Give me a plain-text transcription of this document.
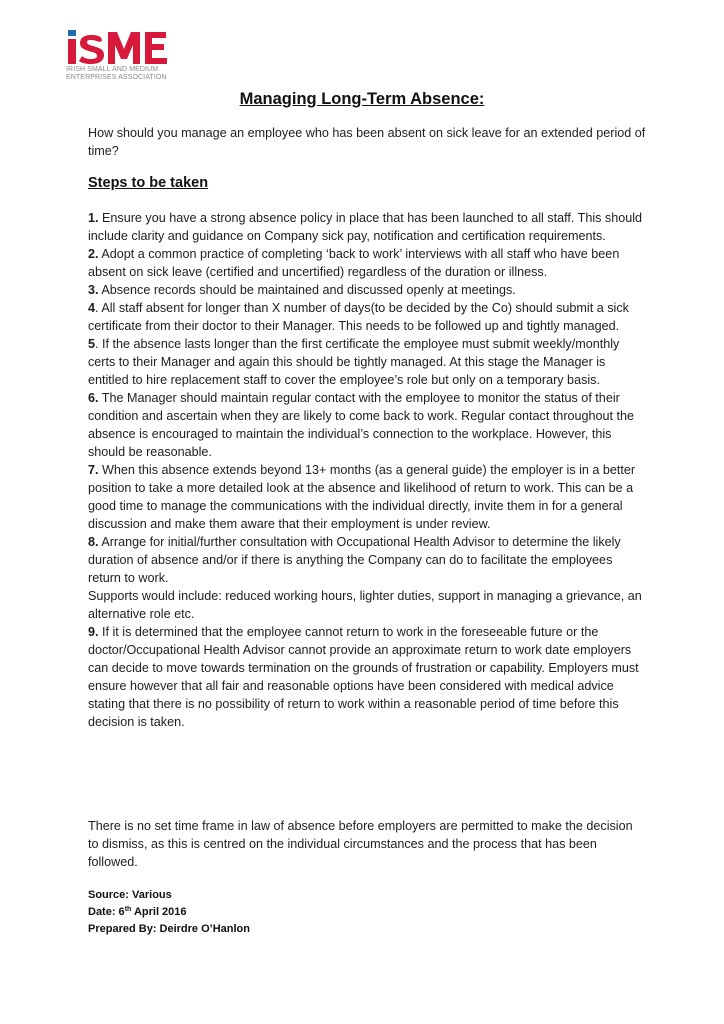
IRISH SMALL AND MEDIUM
ENTERPRISES ASSOCIATION
Managing Long-Term Absence:
How should you manage an employee who has been absent on sick leave for an extended period of time?
Steps to be taken

1. Ensure you have a strong absence policy in place that has been launched to all staff. This should include clarity and guidance on Company sick pay, notification and certification requirements.

2. Adopt a common practice of completing ‘back to work’ interviews with all staff who have been absent on sick leave (certified and uncertified) regardless of the duration or illness.

3. Absence records should be maintained and discussed openly at meetings.

4. All staff absent for longer than X number of days(to be decided by the Co) should submit a sick certificate from their doctor to their Manager. This needs to be followed up and tightly managed.

5. If the absence lasts longer than the first certificate the employee must submit weekly/monthly certs to their Manager and again this should be tightly managed. At this stage the Manager is entitled to hire replacement staff to cover the employee’s role but only on a temporary basis.

6. The Manager should maintain regular contact with the employee to monitor the status of their condition and ascertain when they are likely to come back to work. Regular contact throughout the absence is encouraged to maintain the individual’s connection to the workplace. However, this should be reasonable.

7. When this absence extends beyond 13+ months (as a general guide) the employer is in a better position to take a more detailed look at the absence and likelihood of return to work. This can be a good time to manage the communications with the individual directly, invite them in for a general discussion and make them aware that their employment is under review.

8. Arrange for initial/further consultation with Occupational Health Advisor to determine the likely duration of absence and/or if there is anything the Company can do to facilitate the employees return to work.

Supports would include: reduced working hours, lighter duties, support in managing a grievance, an alternative role etc.

9. If it is determined that the employee cannot return to work in the foreseeable future or the doctor/Occupational Health Advisor cannot provide an approximate return to work date employers can decide to move towards termination on the grounds of frustration or capability. Employers must ensure however that all fair and reasonable options have been considered with medical advice stating that there is no possibility of return to work within a reasonable period of time before this decision is taken.

There is no set time frame in law of absence before employers are permitted to make the decision to dismiss, as this is centred on the individual circumstances and the process that has been followed.
Source: Various
Date: 6th April 2016
Prepared By: Deirdre O’Hanlon
